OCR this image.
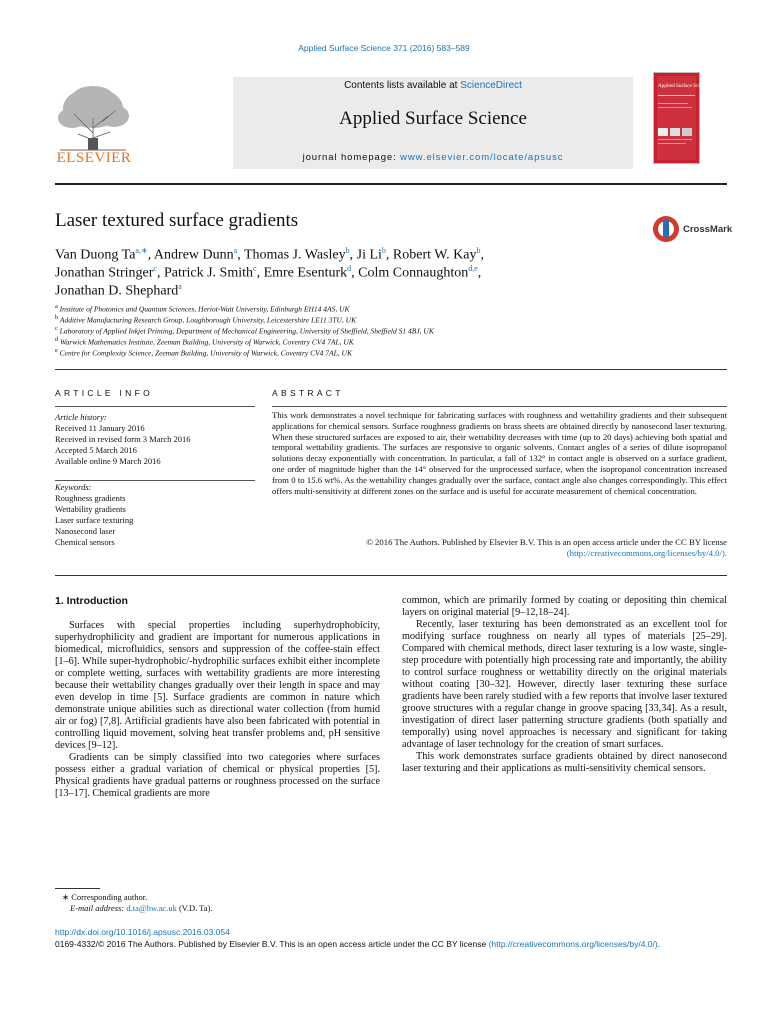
Applied Surface Science 371 (2016) 583–589
ELSEVIER
Contents lists available at ScienceDirect
Applied Surface Science
journal homepage: www.elsevier.com/locate/apsusc
Applied Surface Science
Laser textured surface gradients	CrossMark
Van Duong $Ta^{a,∗}$, Andrew Dunn$^a$, Thomas J. Wasley$^b$, Ji Li$^b$, Robert W. Kay$^b$,
Jonathan Stringer$^c$, Patrick J. Smith$^c$, Emre Esenturk$^d$, Colm Connaughton$^{d,e}$,
Jonathan D. Shephard$^a$
$^a$ Institute of Photonics and Quantum Sciences, Heriot-Watt University, Edinburgh EH14 4AS, UK
$^b$ Additive Manufacturing Research Group, Loughborough University, Leicestershire LE11 3TU, UK
$^c$ Laboratory of Applied Inkjet Printing, Department of Mechanical Engineering, University of Sheffield, Sheffield S1 4BJ, UK
$^d$ Warwick Mathematics Institute, Zeeman Building, University of Warwick, Coventry CV4 7AL, UK
$^e$ Centre for Complexity Science, Zeeman Building, University of Warwick, Coventry CV4 7AL, UK
ARTICLE INFO	ABSTRACT
Article history:
Received 11 January 2016
Received in revised form 3 March 2016
Accepted 5 March 2016
Available online 9 March 2016
Keywords:
Roughness gradients
Wettability gradients
Laser surface texturing
Nanosecond laser
Chemical sensors
This work demonstrates a novel technique for fabricating surfaces with roughness and wettability gradients and their subsequent applications for chemical sensors. Surface roughness gradients on brass sheets are obtained directly by nanosecond laser texturing. When these structured surfaces are exposed to air, their wettability decreases with time (up to 20 days) achieving both spatial and temporal wettability gradients. The surfaces are responsive to organic solvents. Contact angles of a series of dilute isopropanol solutions decay exponentially with concentration. In particular, a fall of 132° in contact angle is observed on a surface gradient, one order of magnitude higher than the 14° observed for the unprocessed surface, when the isopropanol concentration increased from 0 to 15.6 wt%. As the wettability changes gradually over the surface, contact angle also changes correspondingly. This effect offers multi-sensitivity at different zones on the surface and is useful for accurate measurement of chemical concentration.
© 2016 The Authors. Published by Elsevier B.V. This is an open access article under the CC BY license
(http://creativecommons.org/licenses/by/4.0/).
1. Introduction

Surfaces with special properties including superhydrophobicity, superhydrophilicity and gradient are important for numerous applications in biomedical, microfluidics, sensors and suppression of the coffee-stain effect [1–6]. While super-hydrophobic/-hydrophilic surfaces exhibit either incomplete or complete wetting, surfaces with wettability gradients are more interesting because their wettability changes gradually over their length in space and may even develop in time [5]. Surface gradients are common in nature which demonstrate unique abilities such as directional water collection (from humid air or fog) [7,8]. Artificial gradients have also been fabricated with potential in controlling liquid movement, solving heat transfer problems and, pH sensitive devices [9–12].

Gradients can be simply classified into two categories where surfaces possess either a gradual variation of chemical or physical properties [5]. Physical gradients have gradual patterns or roughness processed on the surface [13–17]. Chemical gradients are more

common, which are primarily formed by coating or depositing thin chemical layers on original material [9–12,18–24].

Recently, laser texturing has been demonstrated as an excellent tool for modifying surface roughness on nearly all types of materials [25–29]. Compared with chemical methods, direct laser texturing is a low waste, single-step procedure with potentially high processing rate and importantly, the ability to control surface roughness or wettability directly on the original materials without coating [30–32]. However, directly laser texturing these surface gradients have been rarely studied with a few reports that involve laser textured groove structures with a regular change in groove spacing [33,34]. As a result, investigation of direct laser patterning structure gradients (both spatially and temporally) using novel approaches is necessary and significant for taking advantage of laser technology for the creation of smart surfaces.

This work demonstrates surface gradients obtained by direct nanosecond laser texturing and their applications as multi-sensitivity chemical sensors.

∗ Corresponding author.
E-mail address: d.ta@hw.ac.uk (V.D. Ta).
http://dx.doi.org/10.1016/j.apsusc.2016.03.054
0169-4332/© 2016 The Authors. Published by Elsevier B.V. This is an open access article under the CC BY license (http://creativecommons.org/licenses/by/4.0/).
